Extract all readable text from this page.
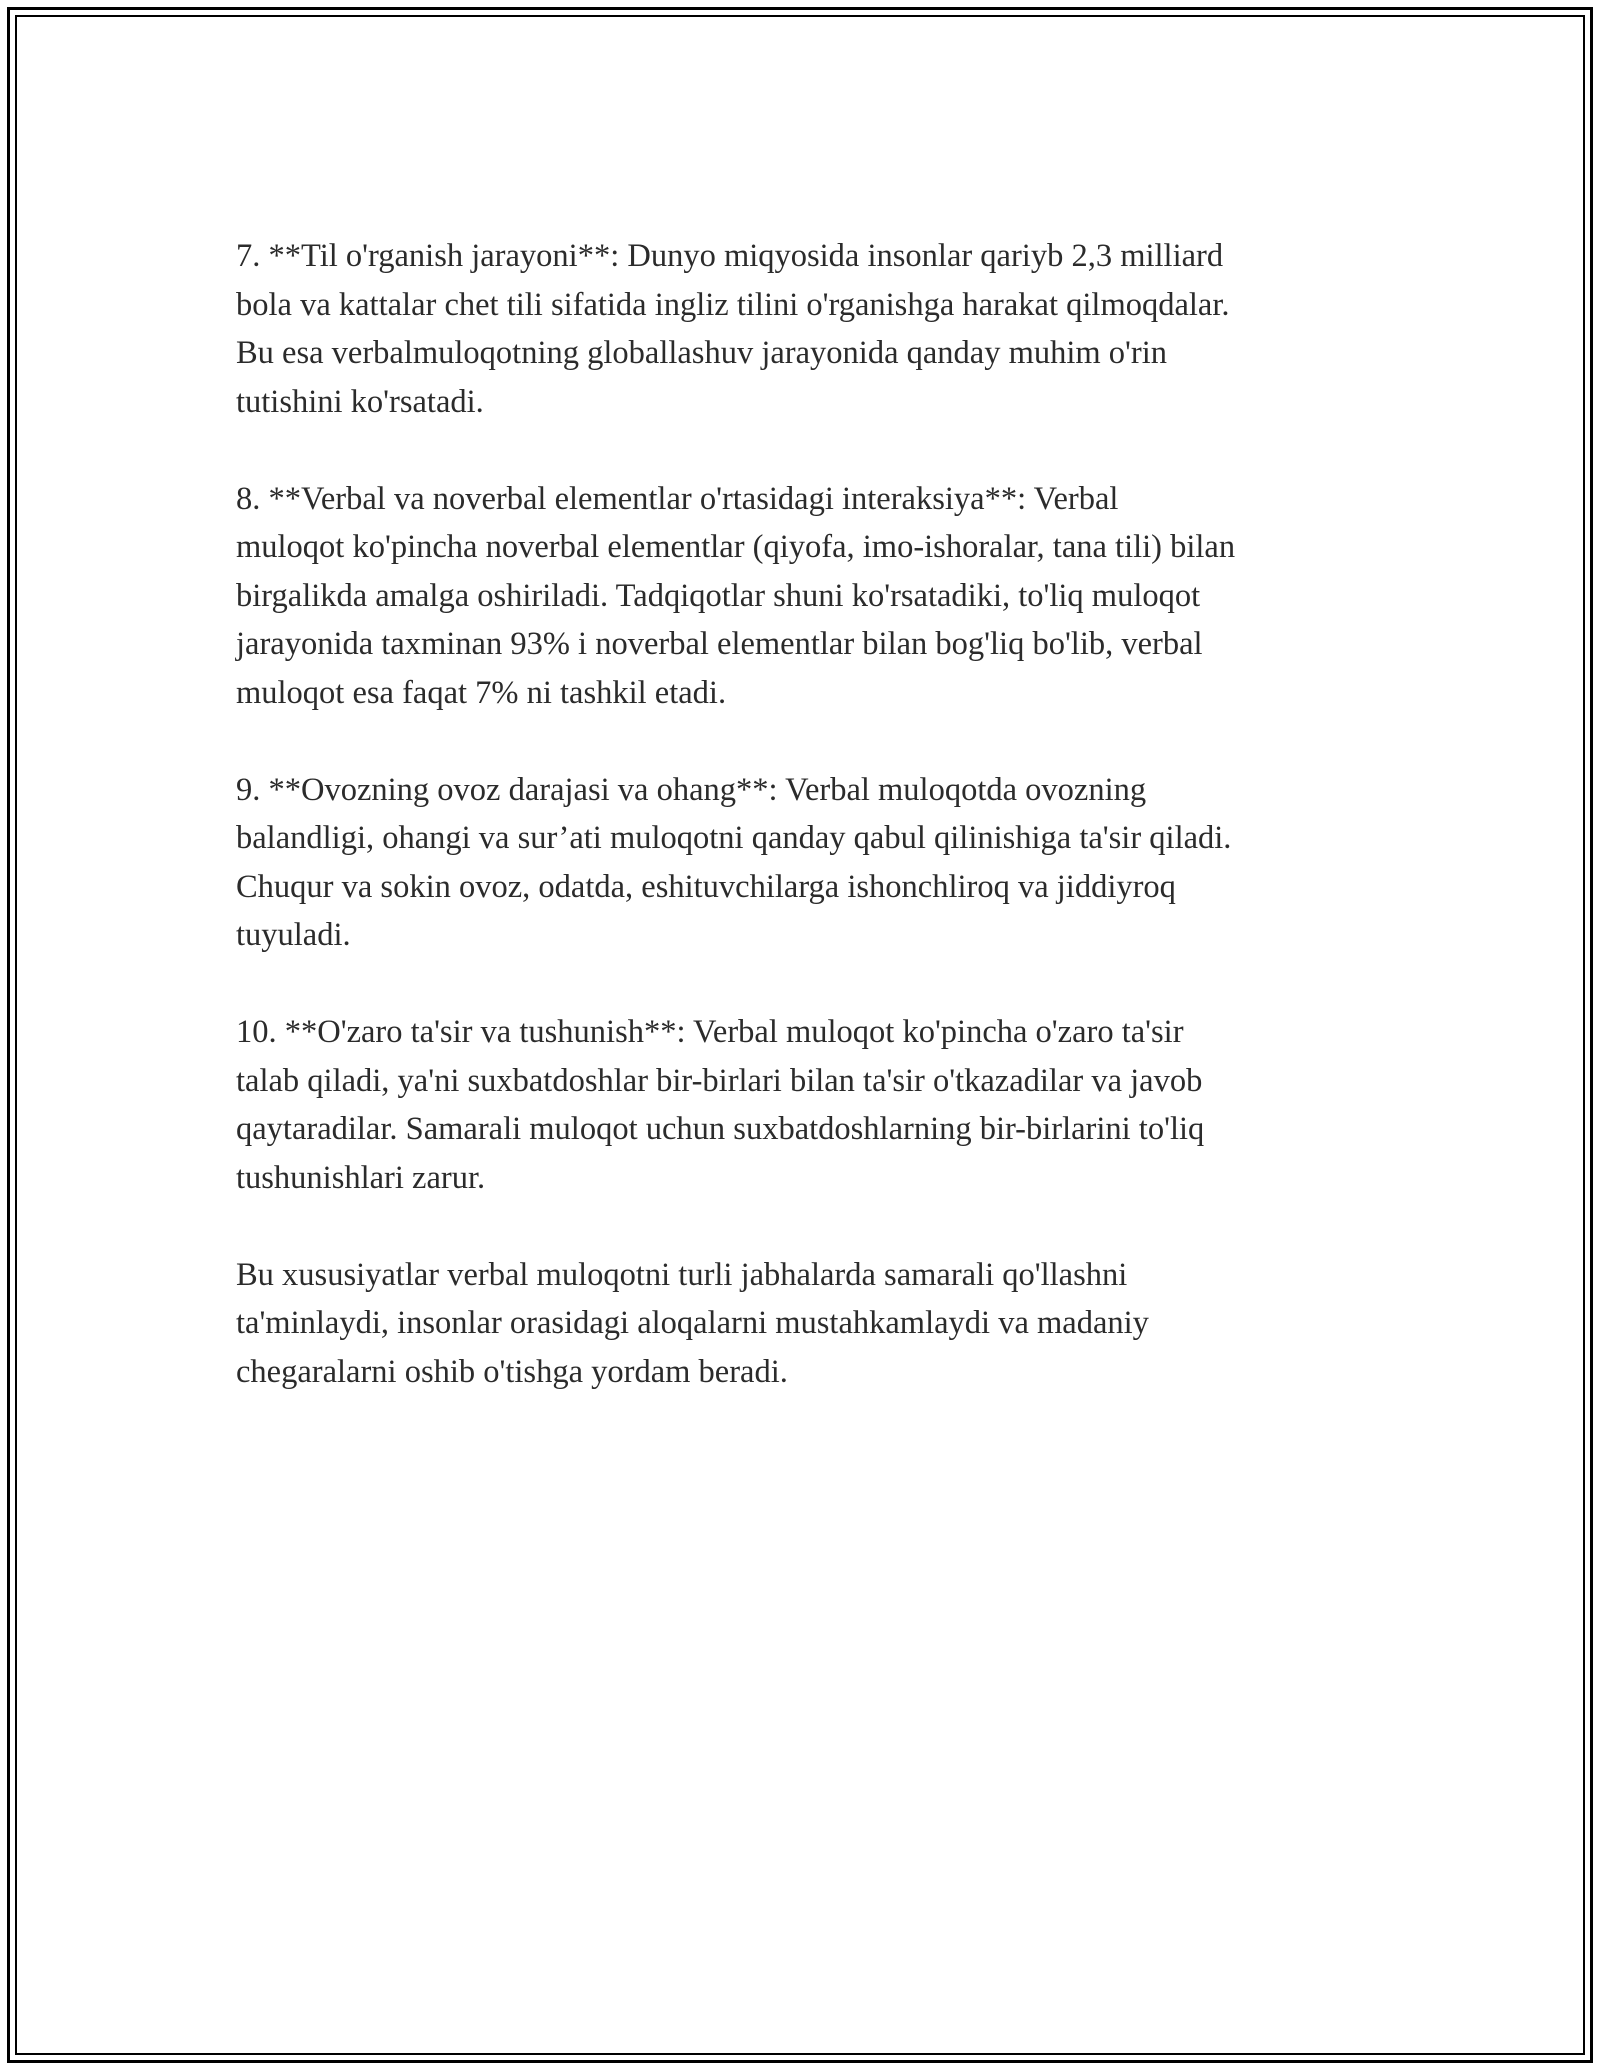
7. **Til o'rganish jarayoni**: Dunyo miqyosida insonlar qariyb 2,3 milliard
bola va kattalar chet tili sifatida ingliz tilini o'rganishga harakat qilmoqdalar.
Bu esa verbalmuloqotning globallashuv jarayonida qanday muhim o'rin
tutishini ko'rsatadi.

8. **Verbal va noverbal elementlar o'rtasidagi interaksiya**: Verbal
muloqot ko'pincha noverbal elementlar (qiyofa, imo-ishoralar, tana tili) bilan
birgalikda amalga oshiriladi. Tadqiqotlar shuni ko'rsatadiki, to'liq muloqot
jarayonida taxminan 93% i noverbal elementlar bilan bog'liq bo'lib, verbal
muloqot esa faqat 7% ni tashkil etadi.

9. **Ovozning ovoz darajasi va ohang**: Verbal muloqotda ovozning
balandligi, ohangi va sur’ati muloqotni qanday qabul qilinishiga ta'sir qiladi.
Chuqur va sokin ovoz, odatda, eshituvchilarga ishonchliroq va jiddiyroq
tuyuladi.

10. **O'zaro ta'sir va tushunish**: Verbal muloqot ko'pincha o'zaro ta'sir
talab qiladi, ya'ni suxbatdoshlar bir-birlari bilan ta'sir o'tkazadilar va javob
qaytaradilar. Samarali muloqot uchun suxbatdoshlarning bir-birlarini to'liq
tushunishlari zarur.

Bu xususiyatlar verbal muloqotni turli jabhalarda samarali qo'llashni
ta'minlaydi, insonlar orasidagi aloqalarni mustahkamlaydi va madaniy
chegaralarni oshib o'tishga yordam beradi.
